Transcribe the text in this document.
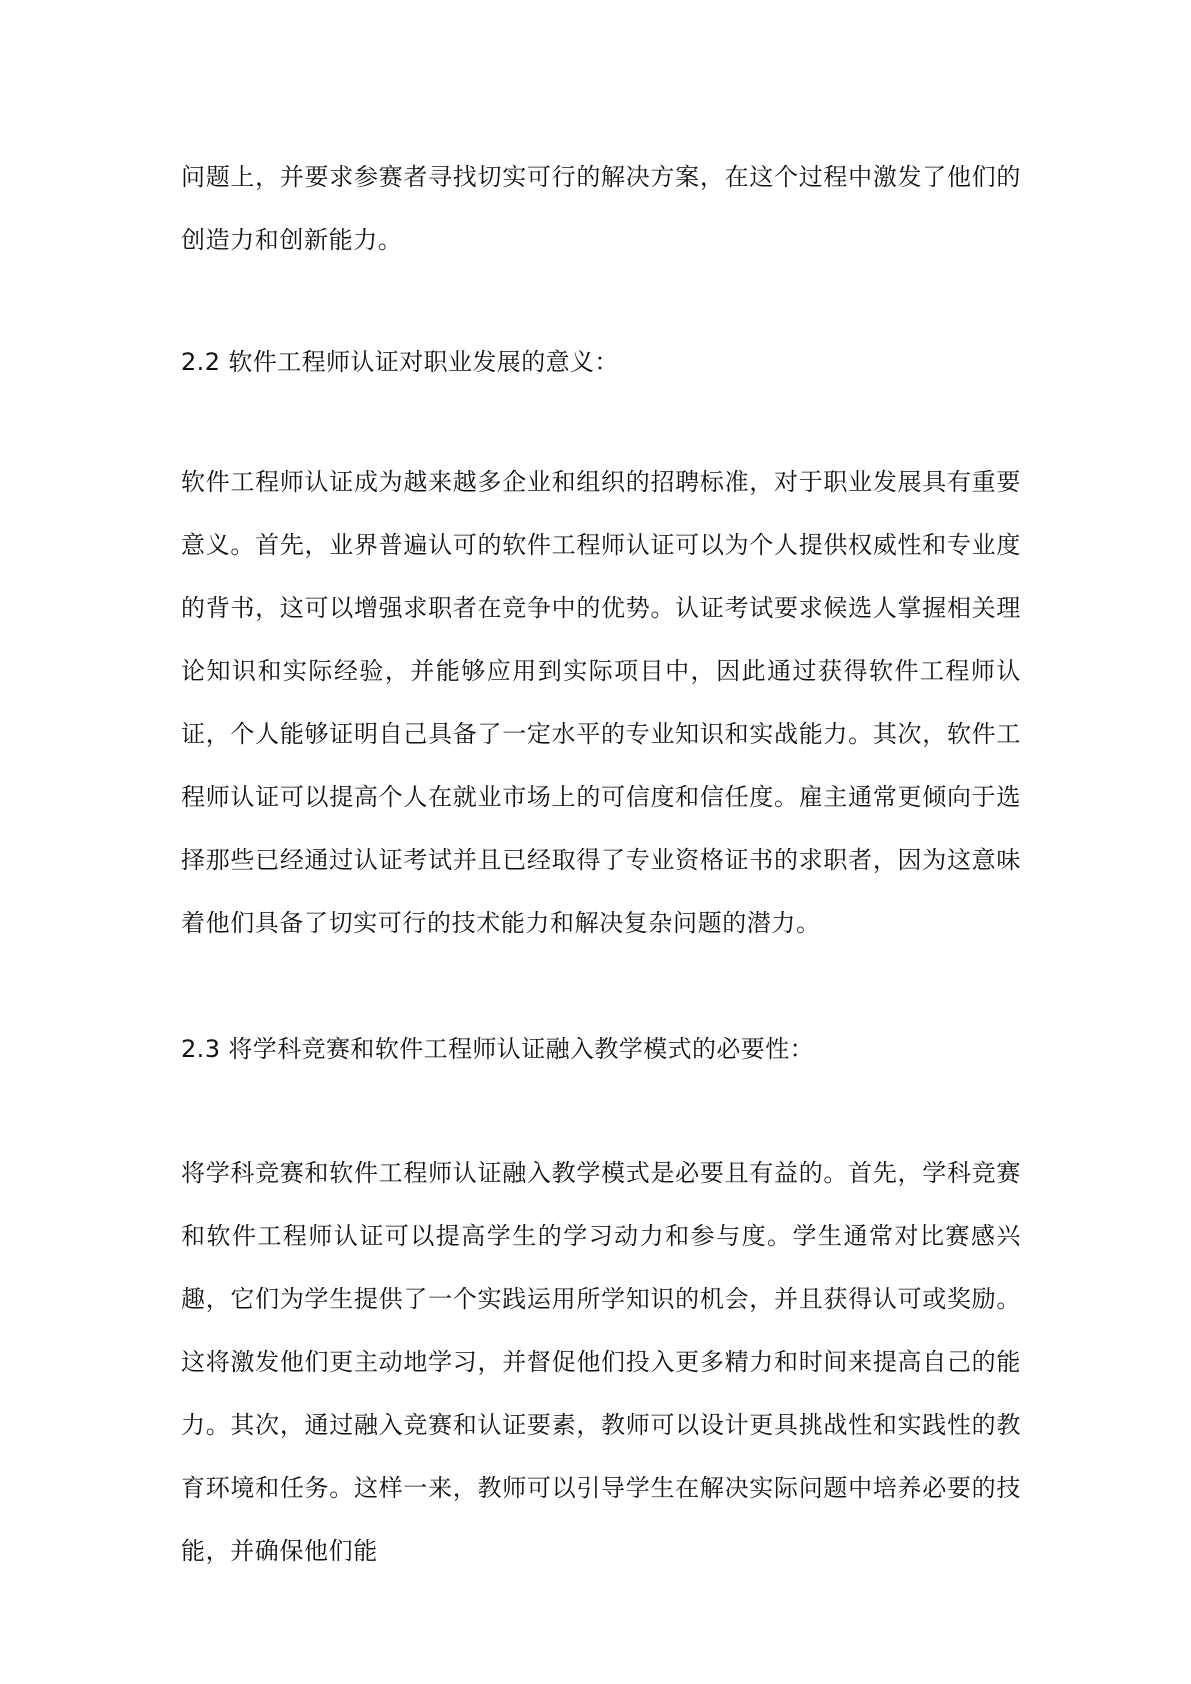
问题上，并要求参赛者寻找切实可行的解决方案，在这个过程中激发了他们的创造力和创新能力。

2.2 软件工程师认证对职业发展的意义：

软件工程师认证成为越来越多企业和组织的招聘标准，对于职业发展具有重要意义。首先，业界普遍认可的软件工程师认证可以为个人提供权威性和专业度的背书，这可以增强求职者在竞争中的优势。认证考试要求候选人掌握相关理论知识和实际经验，并能够应用到实际项目中，因此通过获得软件工程师认证，个人能够证明自己具备了一定水平的专业知识和实战能力。其次，软件工程师认证可以提高个人在就业市场上的可信度和信任度。雇主通常更倾向于选择那些已经通过认证考试并且已经取得了专业资格证书的求职者，因为这意味着他们具备了切实可行的技术能力和解决复杂问题的潜力。

2.3 将学科竞赛和软件工程师认证融入教学模式的必要性：

将学科竞赛和软件工程师认证融入教学模式是必要且有益的。首先，学科竞赛和软件工程师认证可以提高学生的学习动力和参与度。学生通常对比赛感兴趣，它们为学生提供了一个实践运用所学知识的机会，并且获得认可或奖励。这将激发他们更主动地学习，并督促他们投入更多精力和时间来提高自己的能力。其次，通过融入竞赛和认证要素，教师可以设计更具挑战性和实践性的教育环境和任务。这样一来，教师可以引导学生在解决实际问题中培养必要的技能，并确保他们能
